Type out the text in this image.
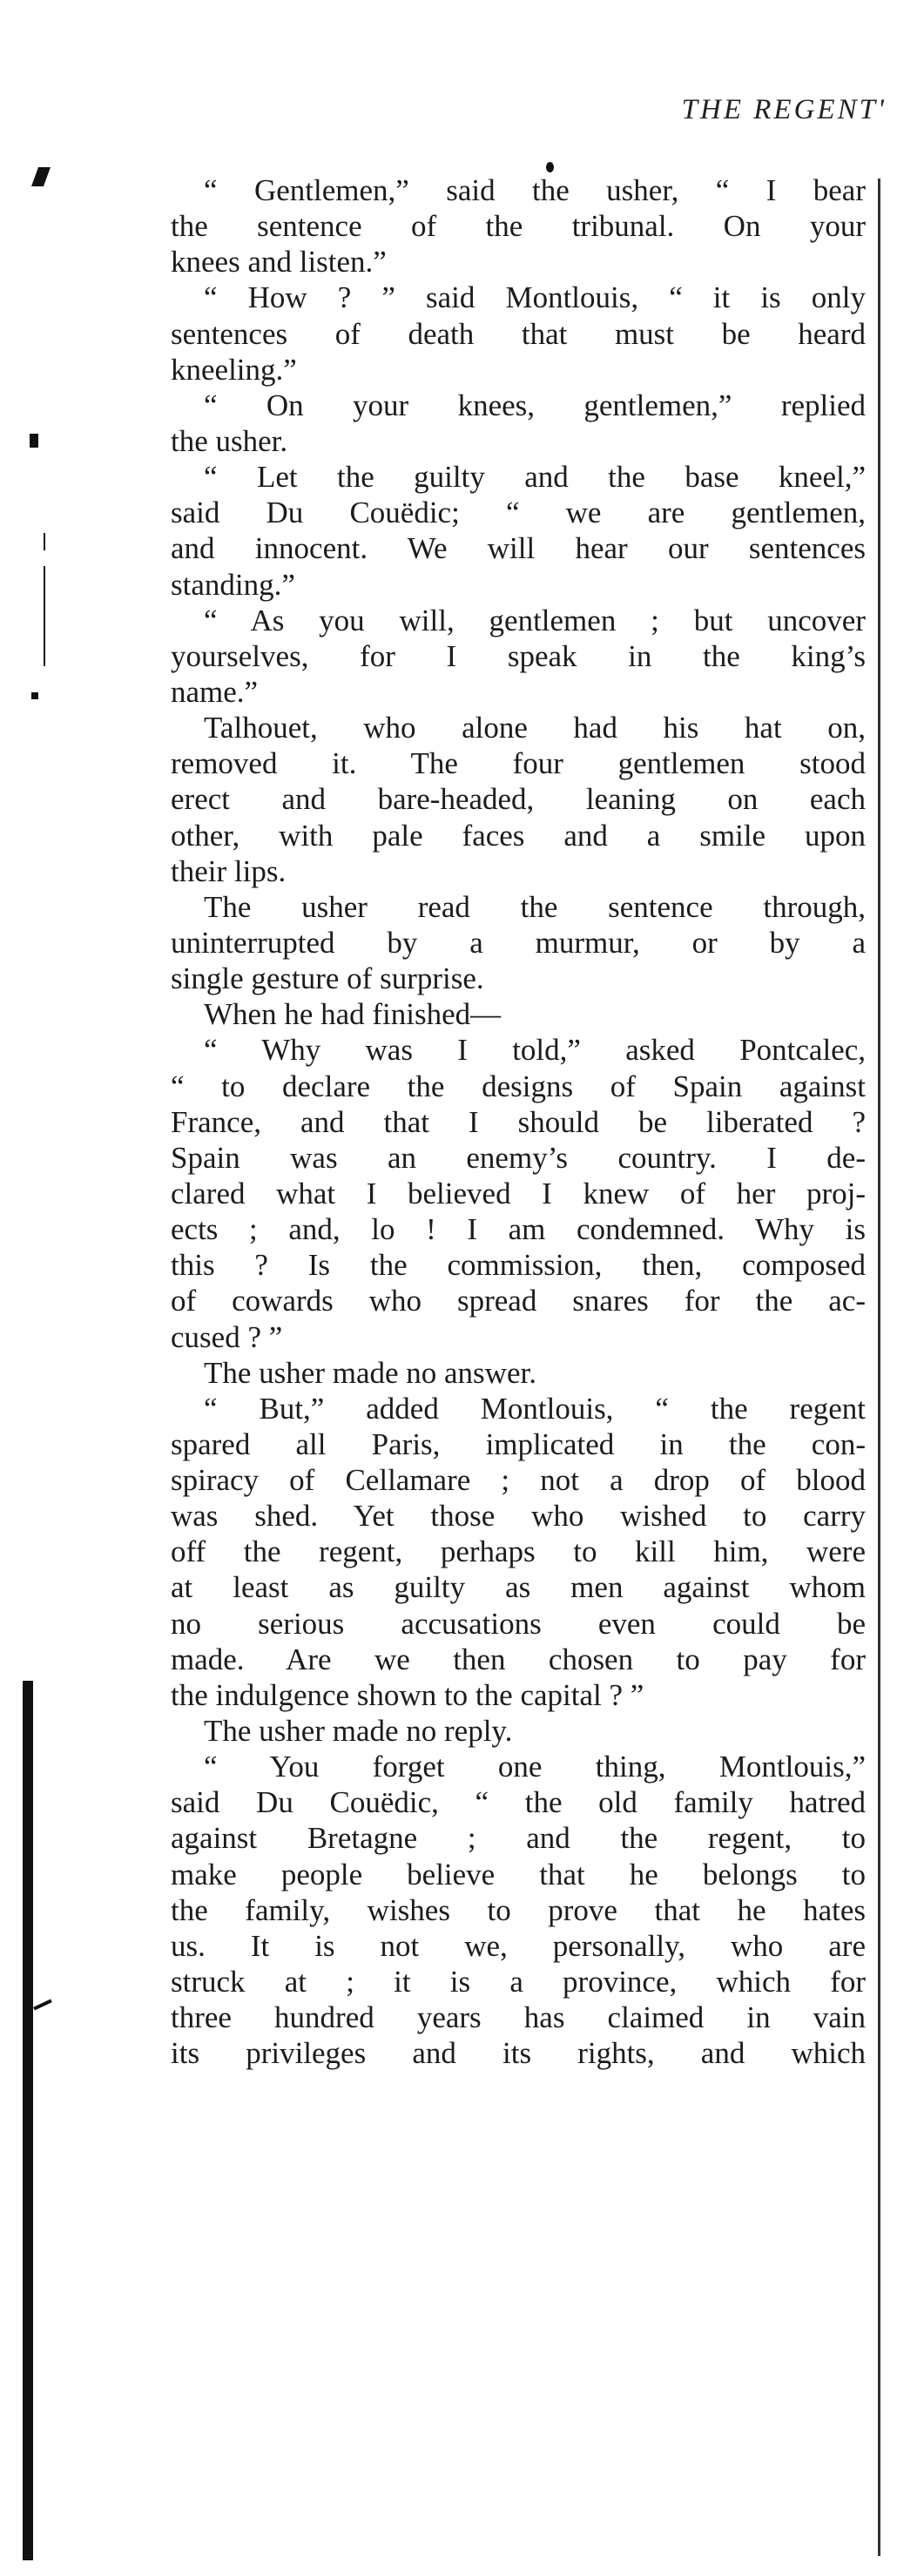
THE REGENT'
“ Gentlemen,” said the usher, “ I bear
the sentence of the tribunal. On your
knees and listen.”
“ How ? ” said Montlouis, “ it is only
sentences of death that must be heard
kneeling.”
“ On your knees, gentlemen,” replied
the usher.
“ Let the guilty and the base kneel,”
said Du Couëdic; “ we are gentlemen,
and innocent. We will hear our sentences
standing.”
“ As you will, gentlemen ; but uncover
yourselves, for I speak in the king’s
name.”
Talhouet, who alone had his hat on,
removed it. The four gentlemen stood
erect and bare-headed, leaning on each
other, with pale faces and a smile upon
their lips.
The usher read the sentence through,
uninterrupted by a murmur, or by a
single gesture of surprise.
When he had finished—
“ Why was I told,” asked Pontcalec,
“ to declare the designs of Spain against
France, and that I should be liberated ?
Spain was an enemy’s country. I de-
clared what I believed I knew of her proj-
ects ; and, lo ! I am condemned. Why is
this ? Is the commission, then, composed
of cowards who spread snares for the ac-
cused ? ”
The usher made no answer.
“ But,” added Montlouis, “ the regent
spared all Paris, implicated in the con-
spiracy of Cellamare ; not a drop of blood
was shed. Yet those who wished to carry
off the regent, perhaps to kill him, were
at least as guilty as men against whom
no serious accusations even could be
made. Are we then chosen to pay for
the indulgence shown to the capital ? ”
The usher made no reply.
“ You forget one thing, Montlouis,”
said Du Couëdic, “ the old family hatred
against Bretagne ; and the regent, to
make people believe that he belongs to
the family, wishes to prove that he hates
us. It is not we, personally, who are
struck at ; it is a province, which for
three hundred years has claimed in vain
its privileges and its rights, and which
